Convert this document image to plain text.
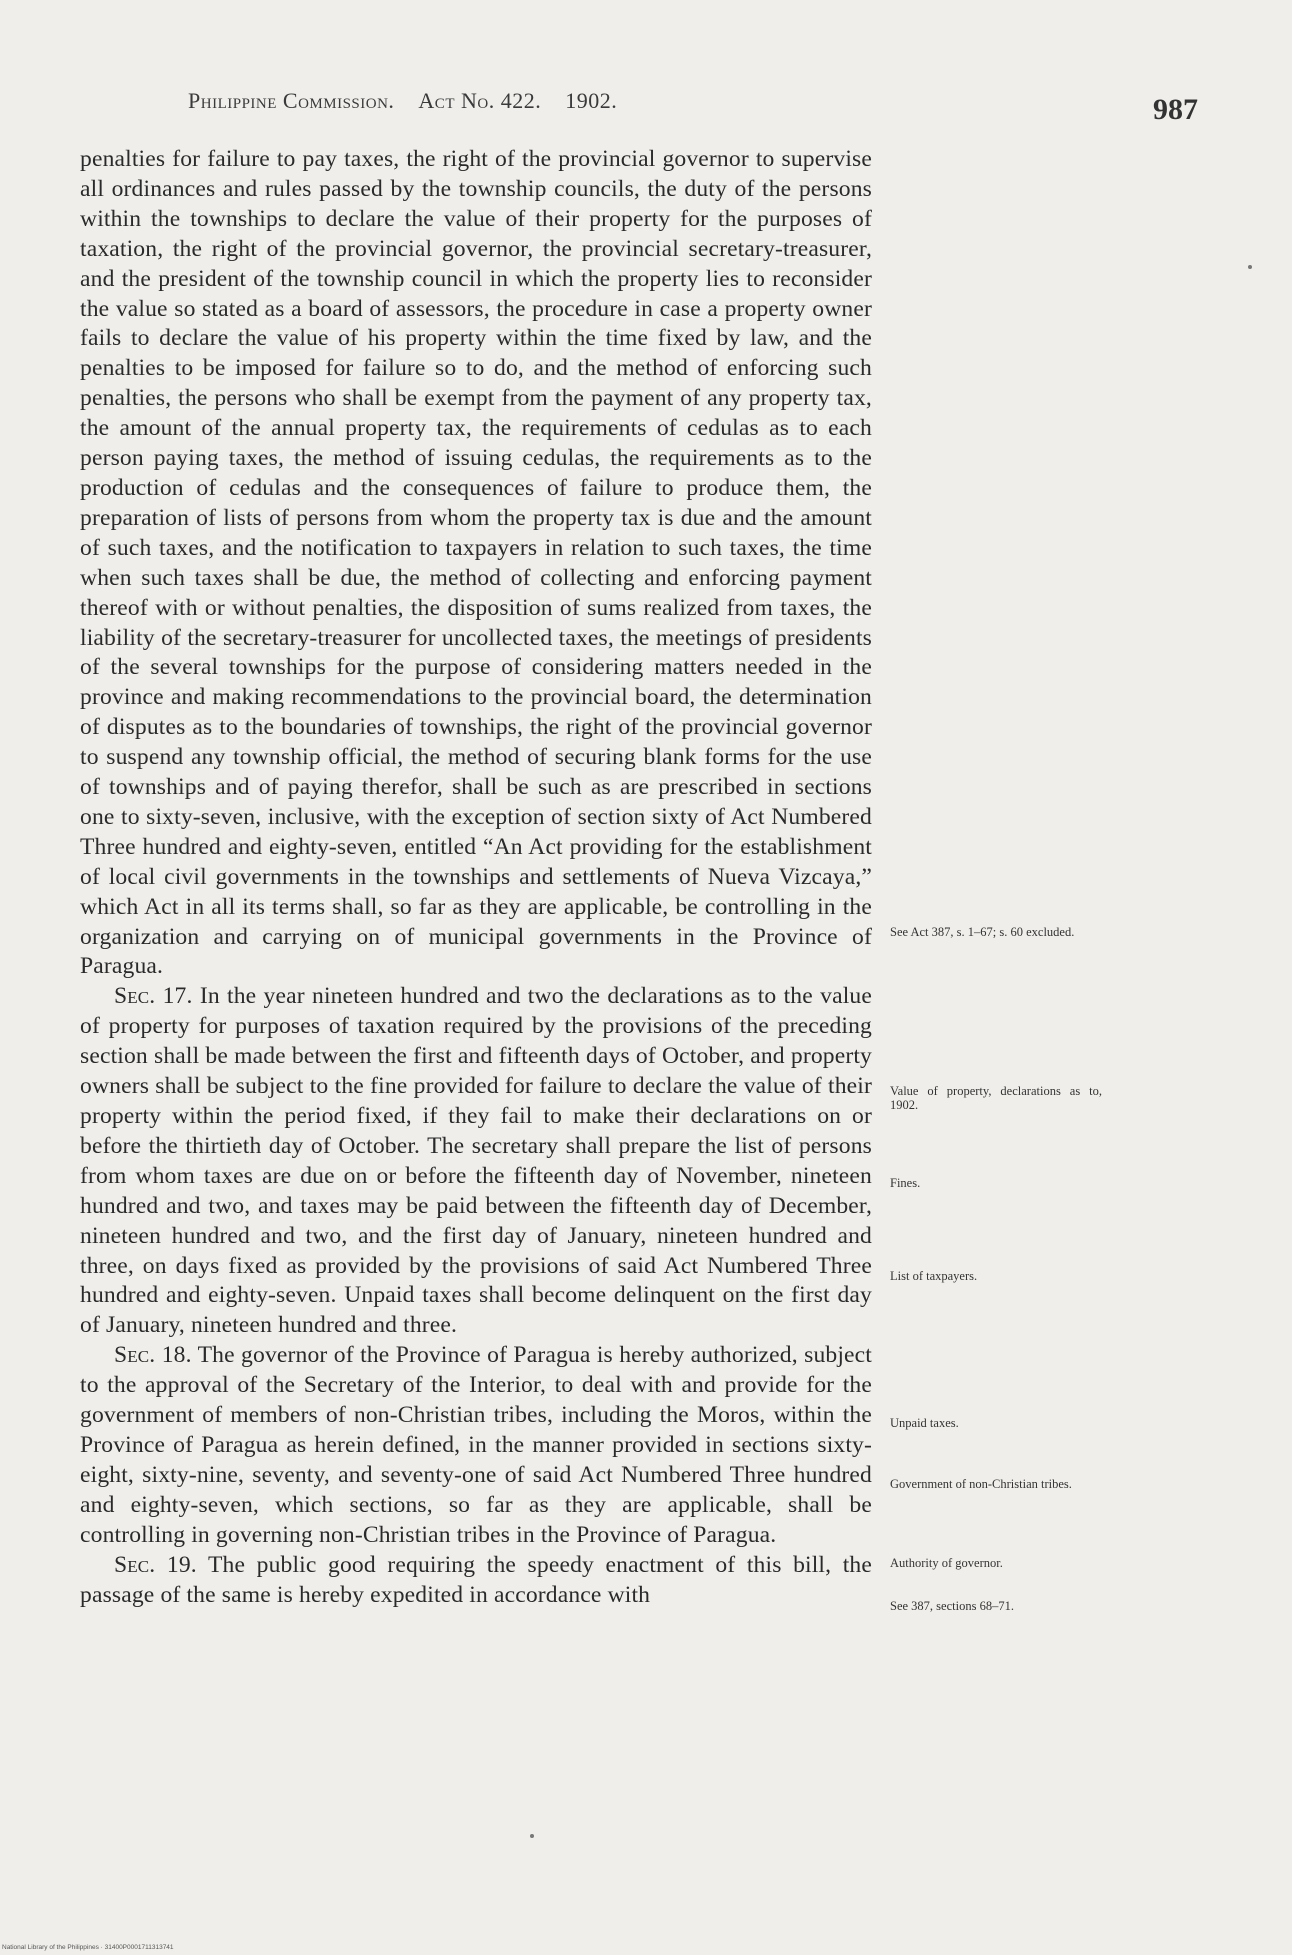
Philippine Commission. Act No. 422. 1902.	987

penalties for failure to pay taxes, the right of the provincial governor to supervise all ordinances and rules passed by the township councils, the duty of the persons within the townships to declare the value of their property for the purposes of taxation, the right of the provincial governor, the provincial secretary-treasurer, and the president of the township council in which the property lies to reconsider the value so stated as a board of assessors, the procedure in case a property owner fails to declare the value of his property within the time fixed by law, and the penalties to be imposed for failure so to do, and the method of enforcing such penalties, the persons who shall be exempt from the payment of any property tax, the amount of the annual property tax, the requirements of cedulas as to each person paying taxes, the method of issuing cedulas, the requirements as to the production of cedulas and the consequences of failure to produce them, the preparation of lists of persons from whom the property tax is due and the amount of such taxes, and the notification to taxpayers in relation to such taxes, the time when such taxes shall be due, the method of collecting and enforcing payment thereof with or without penalties, the disposition of sums realized from taxes, the liability of the secretary-treasurer for uncollected taxes, the meetings of presidents of the several townships for the purpose of considering matters needed in the province and making recommendations to the provincial board, the determination of disputes as to the boundaries of townships, the right of the provincial governor to suspend any township official, the method of securing blank forms for the use of townships and of paying therefor, shall be such as are prescribed in sections one to sixty-seven, inclusive, with the exception of section sixty of Act Numbered Three hundred and eighty-seven, entitled “An Act providing for the establishment of local civil governments in the townships and settlements of Nueva Vizcaya,” which Act in all its terms shall, so far as they are applicable, be controlling in the organization and carrying on of municipal governments in the Province of Paragua.

Sec. 17. In the year nineteen hundred and two the declarations as to the value of property for purposes of taxation required by the provisions of the preceding section shall be made between the first and fifteenth days of October, and property owners shall be subject to the fine provided for failure to declare the value of their property within the period fixed, if they fail to make their declarations on or before the thirtieth day of October. The secretary shall prepare the list of persons from whom taxes are due on or before the fifteenth day of November, nineteen hundred and two, and taxes may be paid between the fifteenth day of December, nineteen hundred and two, and the first day of January, nineteen hundred and three, on days fixed as provided by the provisions of said Act Numbered Three hundred and eighty-seven. Unpaid taxes shall become delinquent on the first day of January, nineteen hundred and three.

Sec. 18. The governor of the Province of Paragua is hereby authorized, subject to the approval of the Secretary of the Interior, to deal with and provide for the government of members of non-Christian tribes, including the Moros, within the Province of Paragua as herein defined, in the manner provided in sections sixty-eight, sixty-nine, seventy, and seventy-one of said Act Numbered Three hundred and eighty-seven, which sections, so far as they are applicable, shall be controlling in governing non-Christian tribes in the Province of Paragua.

Sec. 19. The public good requiring the speedy enactment of this bill, the passage of the same is hereby expedited in accordance with

See Act 387, s. 1–67; s. 60 excluded.
Value of property, declarations as to, 1902.
Fines.
List of taxpayers.
Unpaid taxes.
Government of non-Christian tribes.
Authority of governor.
See 387, sections 68–71.
National Library of the Philippines · 31400P0001711313741
